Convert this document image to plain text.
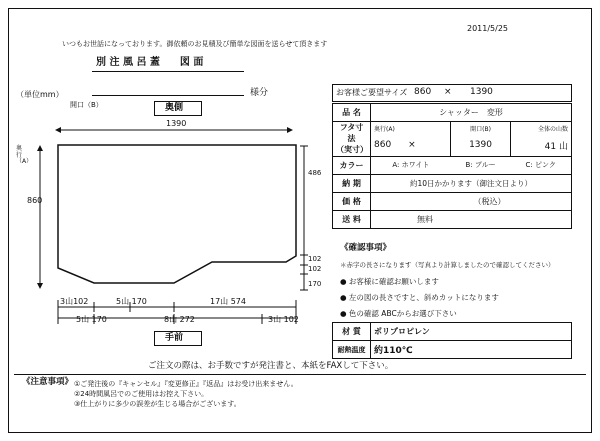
2011/5/25
いつもお世話になっております。御依頼のお見積及び簡単な図面を送らせて頂きます
別 注 風 呂 蓋　　図 面
（単位mm）	様分
奥側
開口（B）
1390
奥行（A）
860
486
102
102
170
3山102	5山 170	17山 574
5山 170	8山 272	3山 102
手前
お客様ご要望サイズ 860 × 1390
品 名	シャッター　変形		

フタ寸法
（実寸）	奥行(A)	開口(B)	全体の山数
	860 ×	1390	41 山
カラー	A: ホワイト	B: ブルー	C: ピンク
納 期	約10日かかります（御注文日より）		
価 格	（税込）		
送 料	無料		
《確認事項》
＊赤字の長さになります（写真より計算しましたので確認してください）
● お客様に確認お願いします
● 左の図の長さですと、斜めカットになります
● 色の確認 ABCからお選び下さい
材 質	ポリプロピレン
耐熱温度	約110℃
ご注文の際は、お手数ですが発注書と、本紙をFAXして下さい。
《注意事項》 ①ご発注後の『キャンセル』『変更修正』『返品』はお受け出来ません。
②24時間風呂でのご使用はお控え下さい。
③仕上がりに多少の誤差が生じる場合がございます。
